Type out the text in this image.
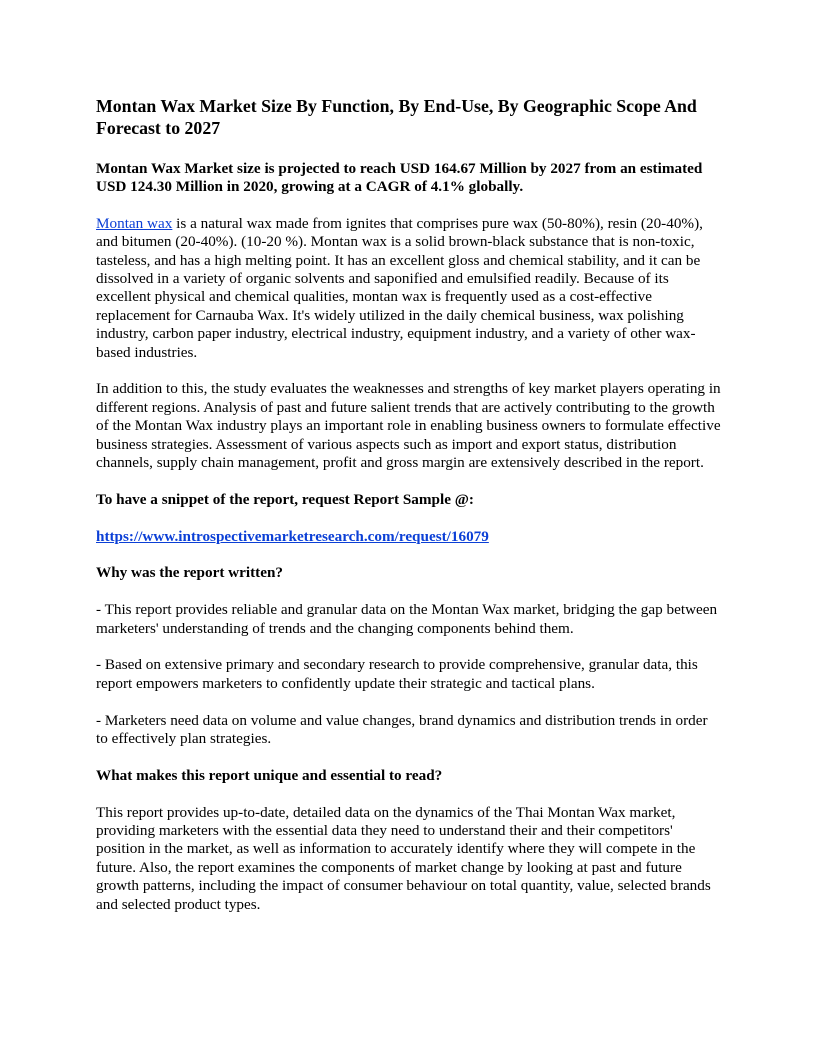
Montan Wax Market Size By Function, By End-Use, By Geographic Scope And Forecast to 2027

Montan Wax Market size is projected to reach USD 164.67 Million by 2027 from an estimated USD 124.30 Million in 2020, growing at a CAGR of 4.1% globally.

Montan wax is a natural wax made from ignites that comprises pure wax (50-80%), resin (20-40%), and bitumen (20-40%). (10-20 %). Montan wax is a solid brown-black substance that is non-toxic, tasteless, and has a high melting point. It has an excellent gloss and chemical stability, and it can be dissolved in a variety of organic solvents and saponified and emulsified readily. Because of its excellent physical and chemical qualities, montan wax is frequently used as a cost-effective replacement for Carnauba Wax. It's widely utilized in the daily chemical business, wax polishing industry, carbon paper industry, electrical industry, equipment industry, and a variety of other wax-based industries.

In addition to this, the study evaluates the weaknesses and strengths of key market players operating in different regions. Analysis of past and future salient trends that are actively contributing to the growth of the Montan Wax industry plays an important role in enabling business owners to formulate effective business strategies. Assessment of various aspects such as import and export status, distribution channels, supply chain management, profit and gross margin are extensively described in the report.

To have a snippet of the report, request Report Sample @:

https://www.introspectivemarketresearch.com/request/16079

Why was the report written?

- This report provides reliable and granular data on the Montan Wax market, bridging the gap between marketers' understanding of trends and the changing components behind them.

- Based on extensive primary and secondary research to provide comprehensive, granular data, this report empowers marketers to confidently update their strategic and tactical plans.

- Marketers need data on volume and value changes, brand dynamics and distribution trends in order to effectively plan strategies.

What makes this report unique and essential to read?

This report provides up-to-date, detailed data on the dynamics of the Thai Montan Wax market, providing marketers with the essential data they need to understand their and their competitors' position in the market, as well as information to accurately identify where they will compete in the future. Also, the report examines the components of market change by looking at past and future growth patterns, including the impact of consumer behaviour on total quantity, value, selected brands and selected product types.
